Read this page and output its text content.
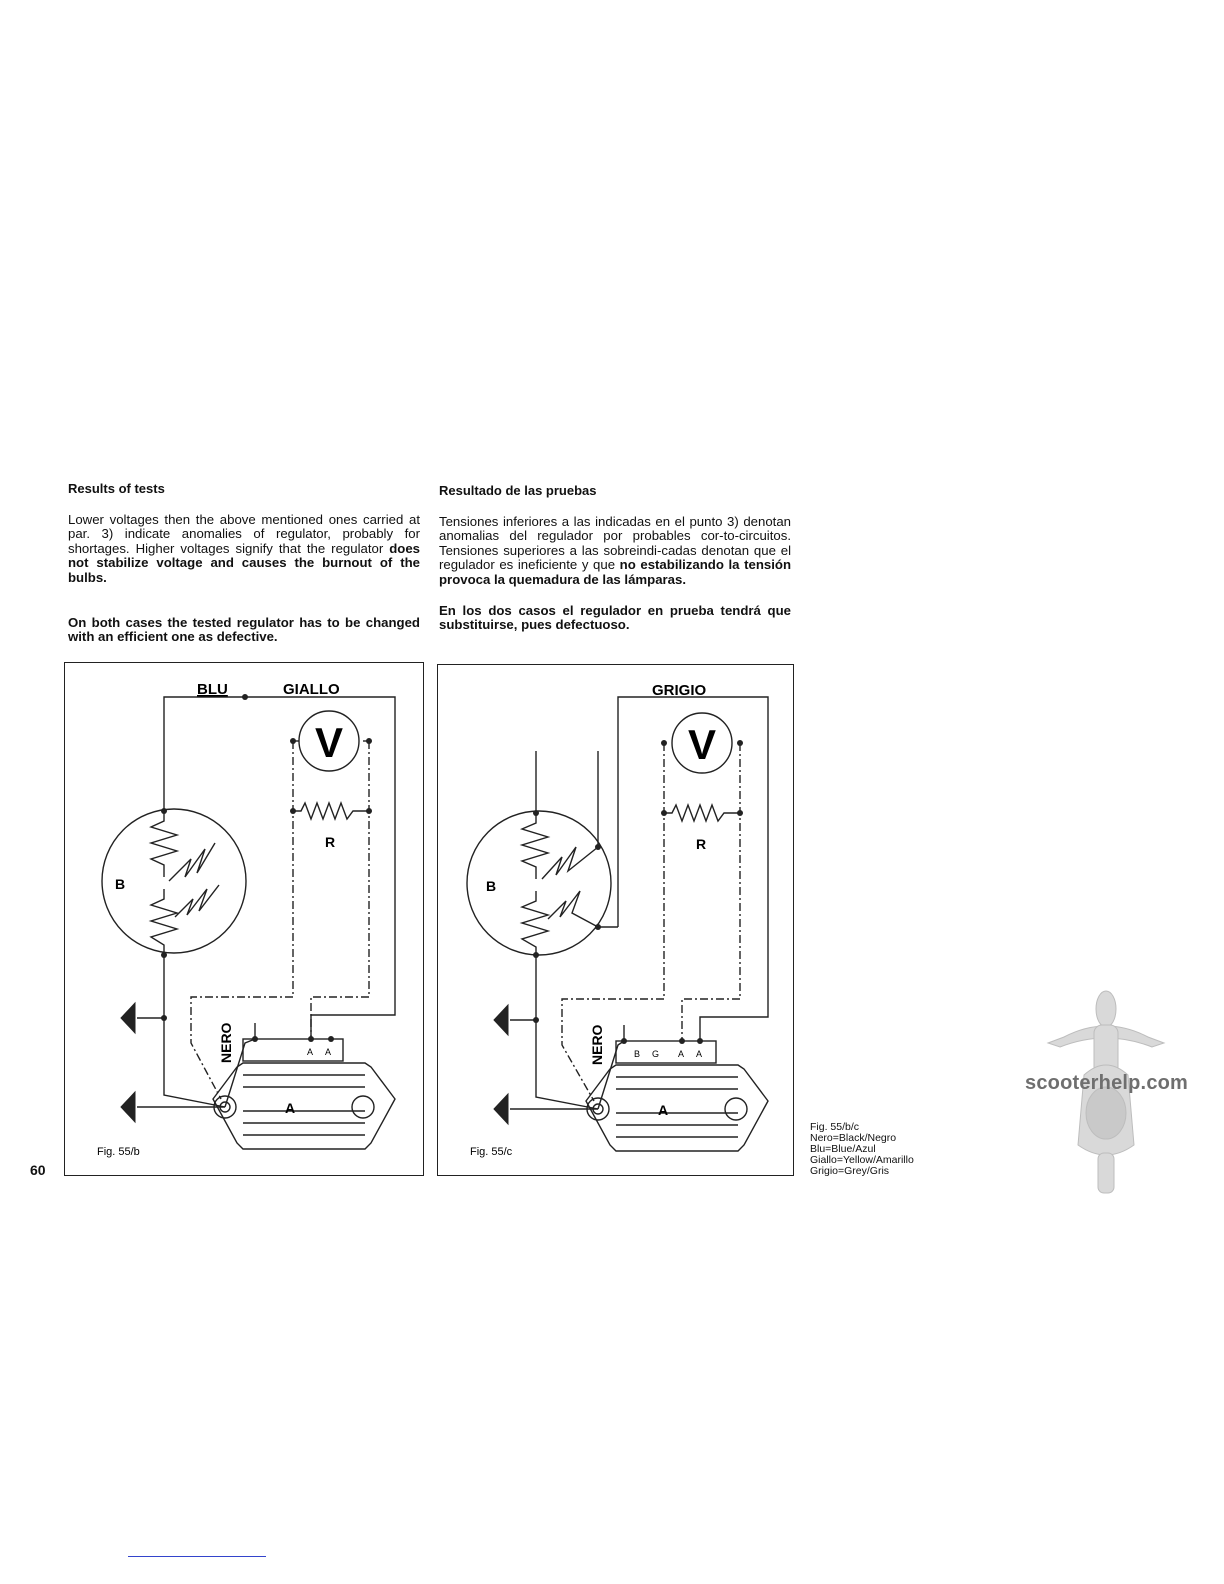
Results of tests

Lower voltages then the above mentioned ones carried at par. 3) indicate anomalies of regulator, probably for shortages. Higher voltages signify that the regulator does not stabilize voltage and causes the burnout of the bulbs.

On both cases the tested regulator has to be changed with an efficient one as defective.

Resultado de las pruebas

Tensiones inferiores a las indicadas en el punto 3) denotan anomalias del regulador por probables cor-to-circuitos. Tensiones superiores a las sobreindi-cadas denotan que el regulador es ineficiente y que no estabilizando la tensión provoca la quemadura de las lámparas.

En los dos casos el regulador en prueba tendrá que substituirse, pues defectuoso.

BLU	GIALLO
V
R
B
A
A A
NERO
Fig. 55/b
GRIGIO
V
R
B
A
B G A A
NERO
Fig. 55/c
Fig. 55/b/c
Nero=Black/Negro
Blu=Blue/Azul
Giallo=Yellow/Amarillo
Grigio=Grey/Gris
60
scooterhelp.com
